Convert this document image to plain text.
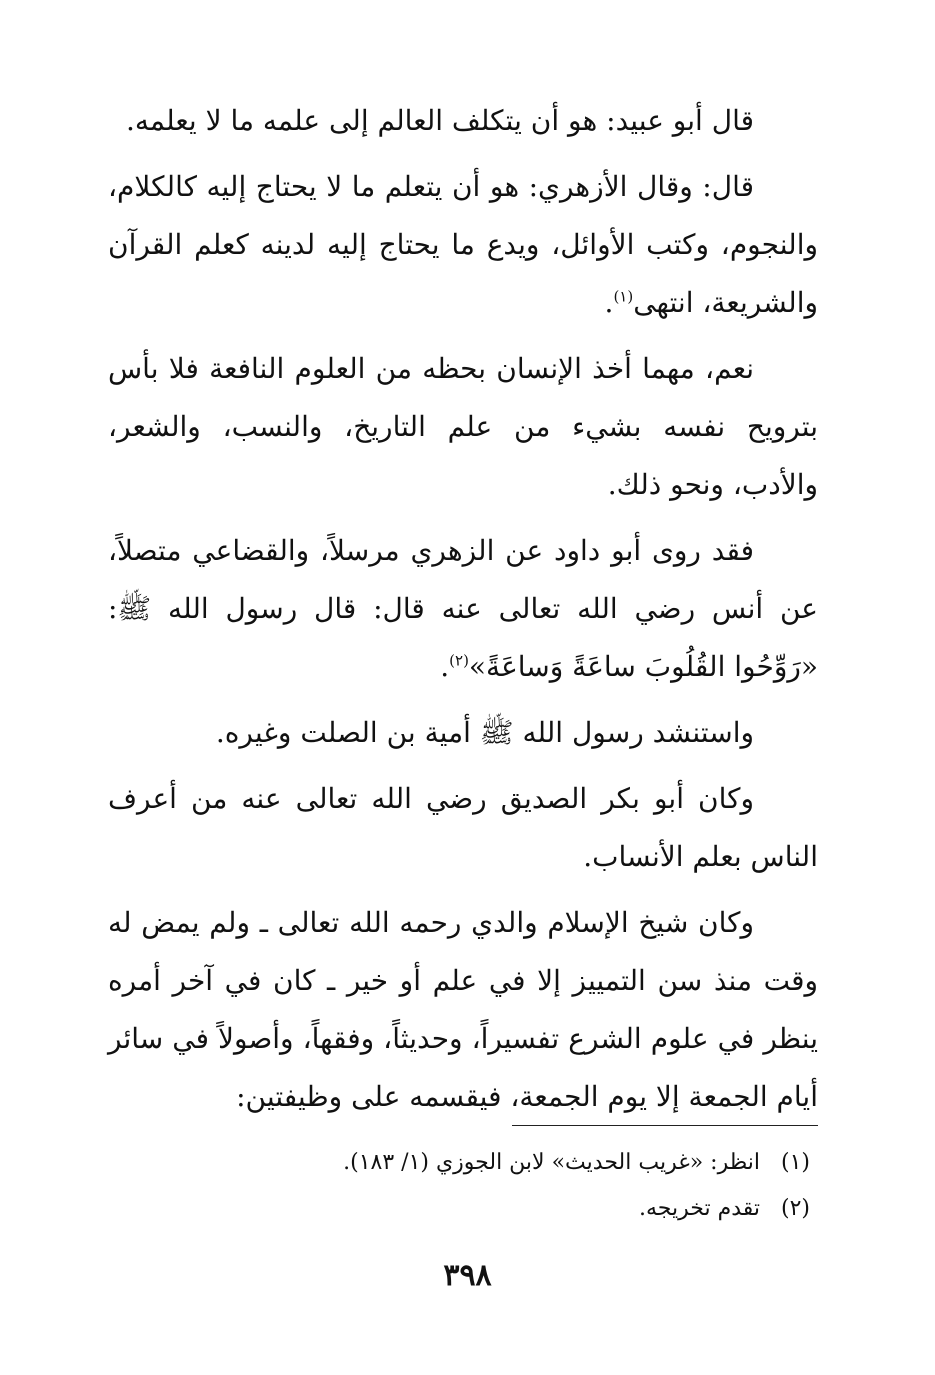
قال أبو عبيد: هو أن يتكلف العالم إلى علمه ما لا يعلمه.

قال: وقال الأزهري: هو أن يتعلم ما لا يحتاج إليه كالكلام، والنجوم، وكتب الأوائل، ويدع ما يحتاج إليه لدينه كعلم القرآن والشريعة، انتهى$^{(١)}$.

نعم، مهما أخذ الإنسان بحظه من العلوم النافعة فلا بأس بترويح نفسه بشيء من علم التاريخ، والنسب، والشعر، والأدب، ونحو ذلك.

فقد روى أبو داود عن الزهري مرسلاً، والقضاعي متصلاً، عن أنس رضي الله تعالى عنه قال: قال رسول الله ﷺ: «رَوِّحُوا القُلُوبَ ساعَةً وَساعَةً»$^{(٢)}$.

واستنشد رسول الله ﷺ أمية بن الصلت وغيره.

وكان أبو بكر الصديق رضي الله تعالى عنه من أعرف الناس بعلم الأنساب.

وكان شيخ الإسلام والدي رحمه الله تعالى ـ ولم يمض له وقت منذ سن التمييز إلا في علم أو خير ـ كان في آخر أمره ينظر في علوم الشرع تفسيراً، وحديثاً، وفقهاً، وأصولاً في سائر أيام الجمعة إلا يوم الجمعة، فيقسمه على وظيفتين:

(١)انظر: «غريب الحديث» لابن الجوزي (١/ ١٨٣).
(٢)تقدم تخريجه.
٣٩٨
